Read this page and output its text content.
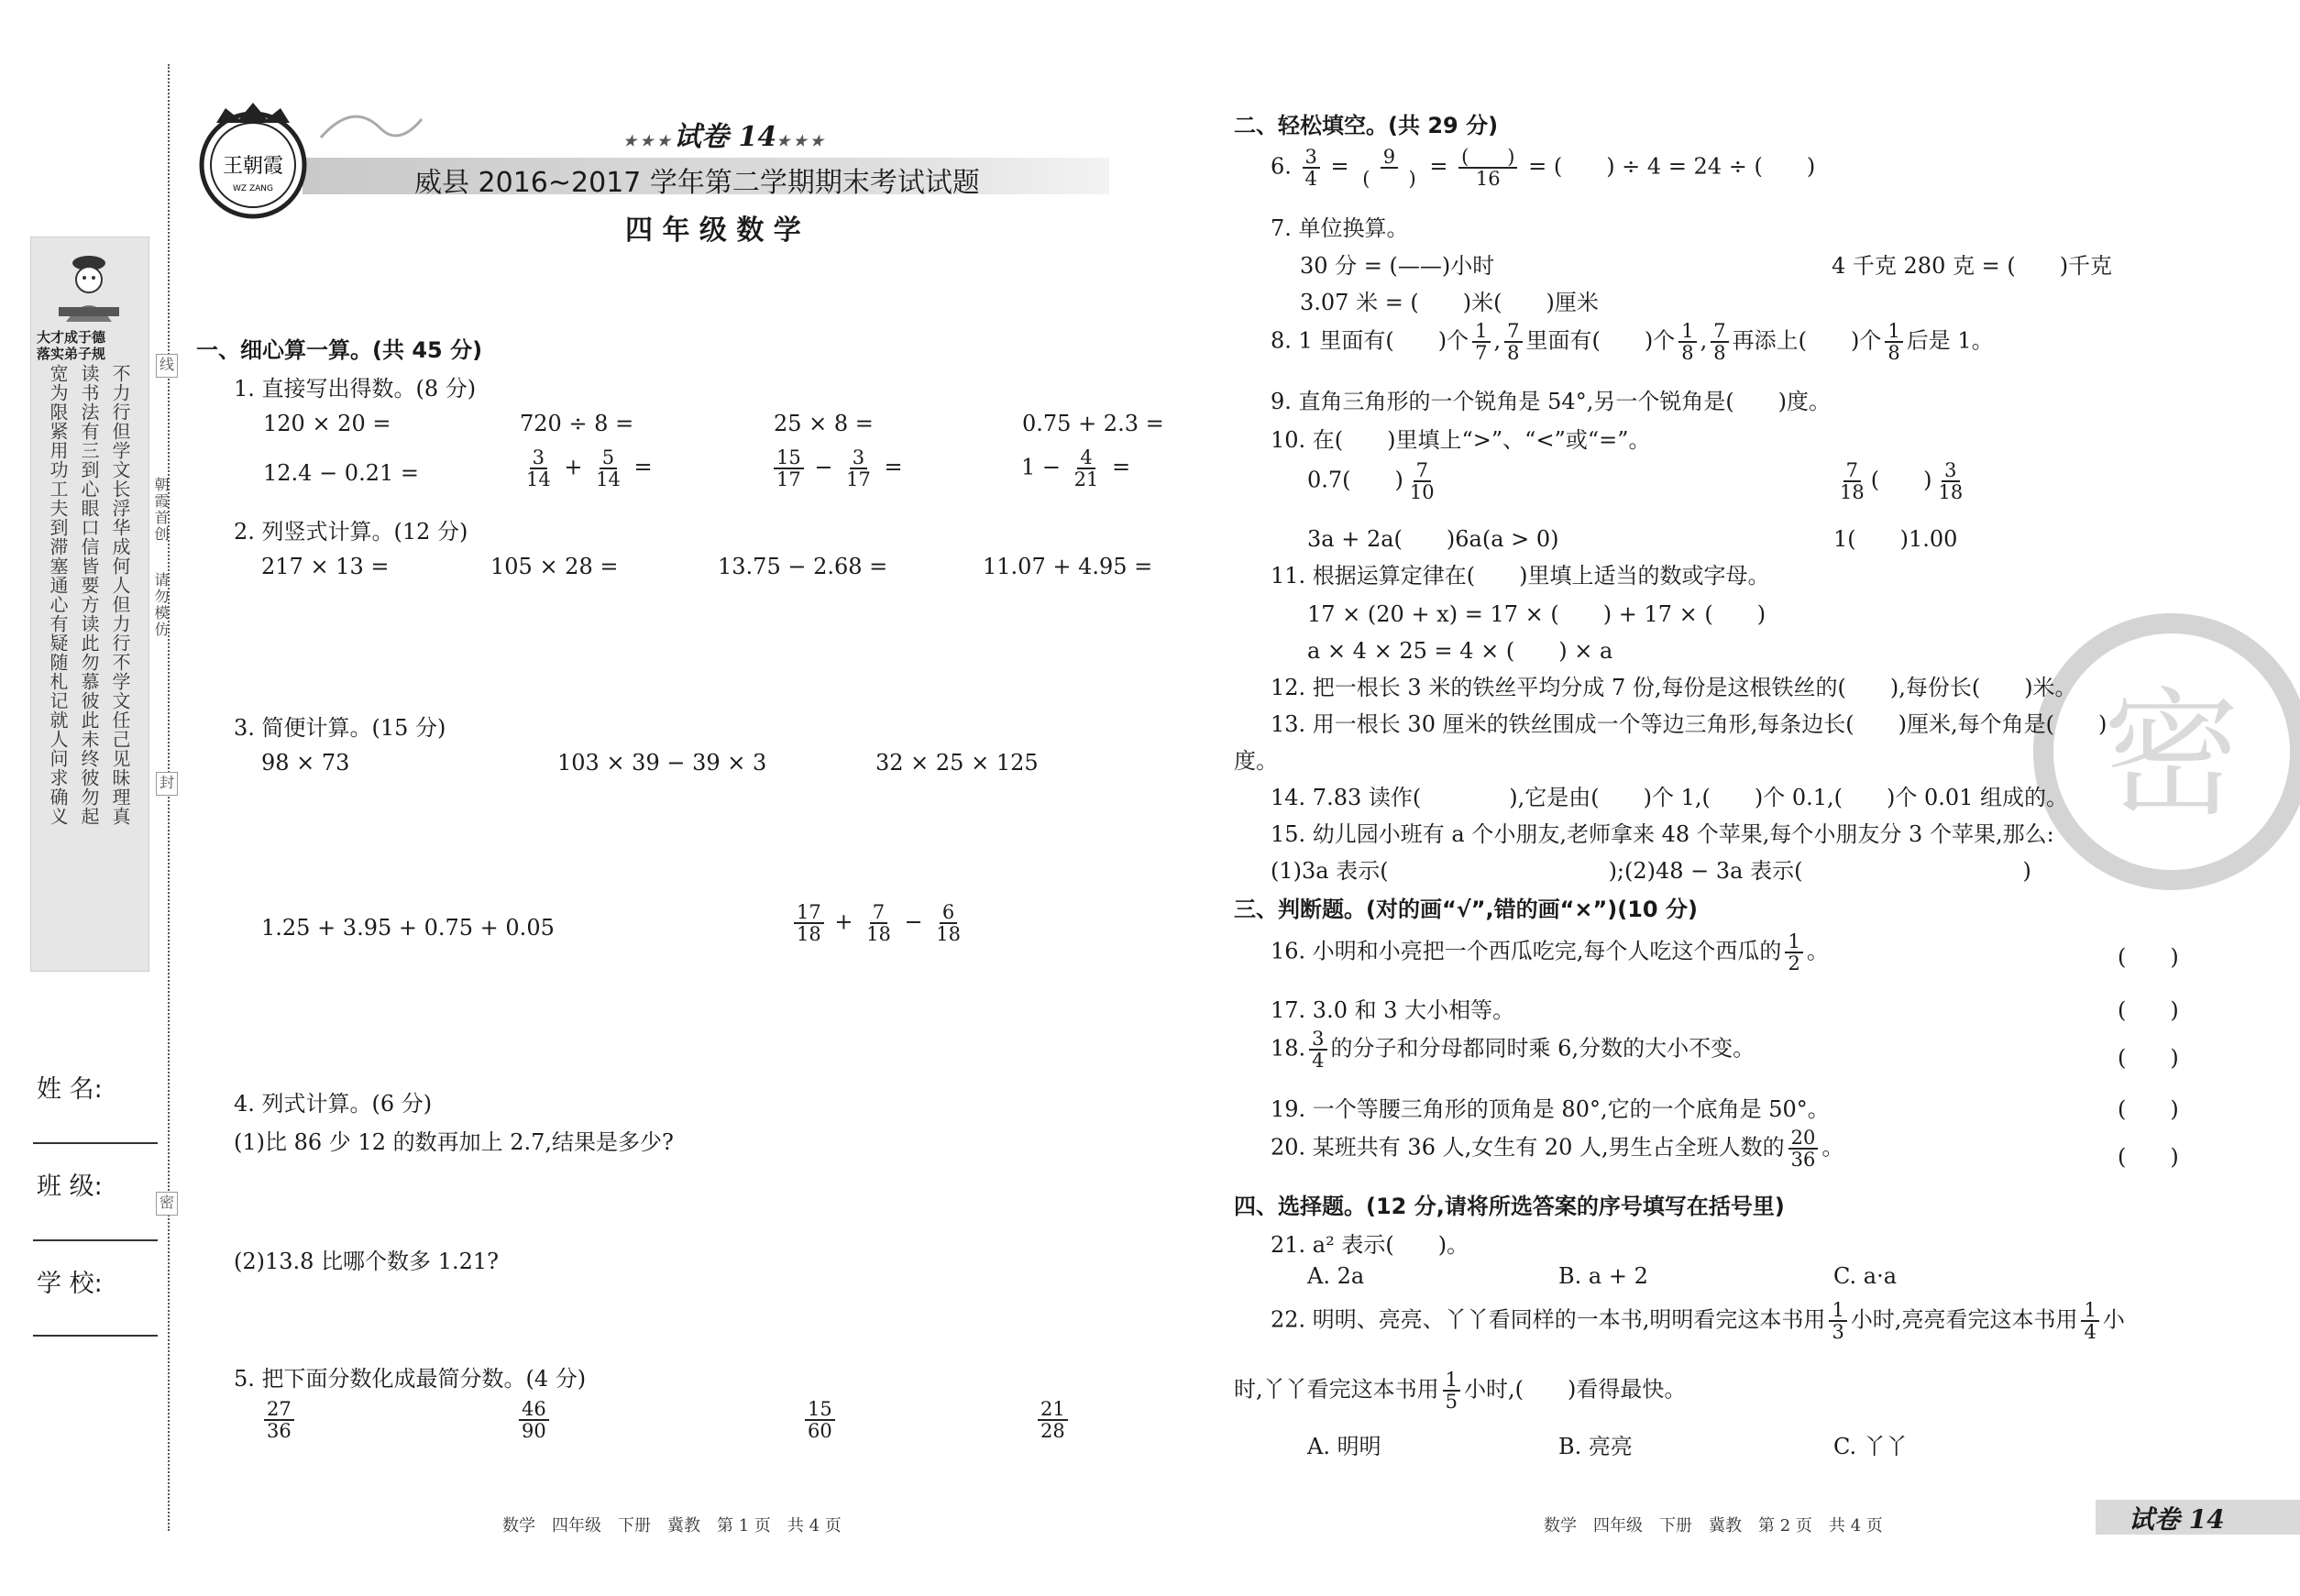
大才成于德
落实弟子规
宽为限 读书法 不力行
紧用功 有三到 但学文
工夫到 心眼口 长浮华
滞塞通 信皆要 成何人
心有疑 方读此 但力行
随札记 勿慕彼 不学文
就人问 此未终 任己见
求确义 彼勿起 昧理真
线
封
密
朝霞首创
请勿模仿
姓 名:
班 级:
学 校:
王朝霞
WZ ZANG
★★★试卷 14★★★
威县 2016~2017 学年第二学期期末考试试题
四 年 级 数 学
一、细心算一算。(共 45 分)
1. 直接写出得数。(8 分)
120 × 20 =	720 ÷ 8 =	25 × 8 =	0.75 + 2.3 =
12.4 − 0.21 =	$\frac{3}{14} + \frac{5}{14}$ =	$\frac{15}{17} - \frac{3}{17}$ =	$1 - \frac{4}{21}$ =
2. 列竖式计算。(12 分)
217 × 13 =	105 × 28 =	13.75 − 2.68 =	11.07 + 4.95 =
3. 简便计算。(15 分)
98 × 73	103 × 39 − 39 × 3	32 × 25 × 125
1.25 + 3.95 + 0.75 + 0.05	$\frac{17}{18} + \frac{7}{18} - \frac{6}{18}$
4. 列式计算。(6 分)
(1)比 86 少 12 的数再加上 2.7,结果是多少?
(2)13.8 比哪个数多 1.21?
5. 把下面分数化成最简分数。(4 分)
$\frac{27}{36}$	$\frac{46}{90}$	$\frac{15}{60}$	$\frac{21}{28}$
数学　四年级　下册　冀教　第 1 页　共 4 页
密
二、轻松填空。(共 29 分)
6. $\frac{3}{4} = \frac{9}{( )} = \frac{( )}{16}$ = (　　) ÷ 4 = 24 ÷ (　　)
7. 单位换算。
30 分 = (——)小时	4 千克 280 克 = (　　)千克
3.07 米 = (　　)米(　　)厘米
8. 1 里面有(　　)个 $\frac{1}{7}$ , $\frac{7}{8}$ 里面有(　　)个 $\frac{1}{8}$ , $\frac{7}{8}$ 再添上(　　)个 $\frac{1}{8}$ 后是 1。
9. 直角三角形的一个锐角是 54°,另一个锐角是(　　)度。
10. 在(　　)里填上“>”、“<”或“=”。
0.7(　　) $\frac{7}{10}$	$\frac{7}{18}$ (　　) $\frac{3}{18}$
3a + 2a(　　)6a(a > 0)	1(　　)1.00
11. 根据运算定律在(　　)里填上适当的数或字母。
17 × (20 + x) = 17 × (　　) + 17 × (　　)
a × 4 × 25 = 4 × (　　) × a
12. 把一根长 3 米的铁丝平均分成 7 份,每份是这根铁丝的(　　),每份长(　　)米。
13. 用一根长 30 厘米的铁丝围成一个等边三角形,每条边长(　　)厘米,每个角是(　　)
度。
14. 7.83 读作(　　　　),它是由(　　)个 1,(　　)个 0.1,(　　)个 0.01 组成的。
15. 幼儿园小班有 a 个小朋友,老师拿来 48 个苹果,每个小朋友分 3 个苹果,那么:
(1)3a 表示(　　　　　　　　　　);(2)48 − 3a 表示(　　　　　　　　　　)
三、判断题。(对的画“√”,错的画“×”)(10 分)
16. 小明和小亮把一个西瓜吃完,每个人吃这个西瓜的 $\frac{1}{2}$ 。	(　　)
17. 3.0 和 3 大小相等。	(　　)
18. $\frac{3}{4}$ 的分子和分母都同时乘 6,分数的大小不变。	(　　)
19. 一个等腰三角形的顶角是 80°,它的一个底角是 50°。	(　　)
20. 某班共有 36 人,女生有 20 人,男生占全班人数的 $\frac{20}{36}$ 。	(　　)
四、选择题。(12 分,请将所选答案的序号填写在括号里)
21. a² 表示(　　)。
A. 2a	B. a + 2	C. a·a
22. 明明、亮亮、丫丫看同样的一本书,明明看完这本书用 $\frac{1}{3}$ 小时,亮亮看完这本书用 $\frac{1}{4}$ 小
时,丫丫看完这本书用 $\frac{1}{5}$ 小时,(　　)看得最快。
A. 明明	B. 亮亮	C. 丫丫
数学　四年级　下册　冀教　第 2 页　共 4 页	试卷 14
